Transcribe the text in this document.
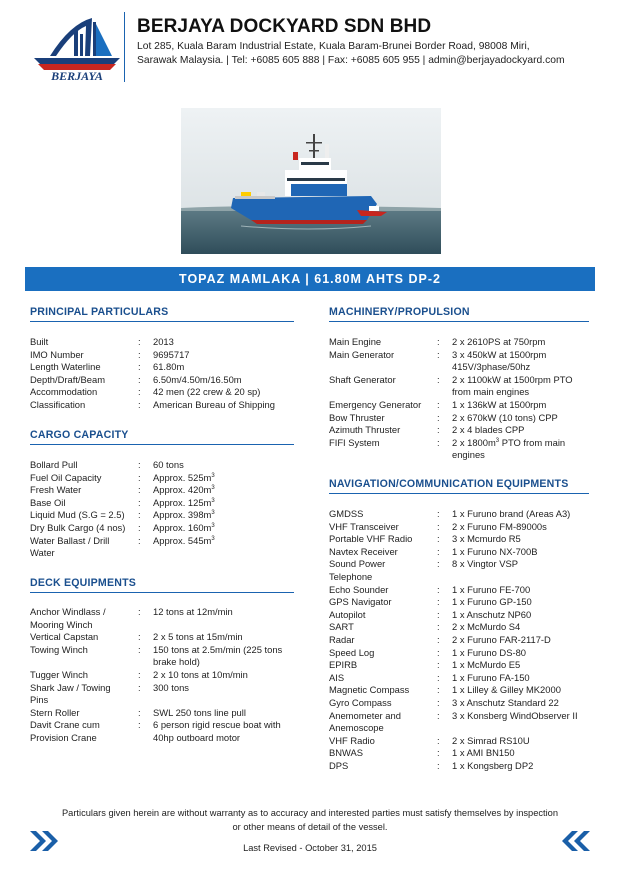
BERJAYA
BERJAYA DOCKYARD SDN BHD
Lot 285, Kuala Baram Industrial Estate, Kuala Baram-Brunei Border Road, 98008 Miri,
Sarawak Malaysia. | Tel: +6085 605 888 | Fax: +6085 605 955 | admin@berjayadockyard.com
TOPAZ MAMLAKA | 61.80M AHTS DP-2
PRINCIPAL PARTICULARS
Built	:	2013
IMO Number	:	9695717
Length Waterline	:	61.80m
Depth/Draft/Beam	:	6.50m/4.50m/16.50m
Accommodation	:	42 men (22 crew & 20 sp)
Classification	:	American Bureau of Shipping
CARGO CAPACITY
Bollard Pull	:	60 tons
Fuel Oil Capacity	:	Approx. $525m^3$
Fresh Water	:	Approx. $420m^3$
Base Oil	:	Approx. $125m^3$
Liquid Mud (S.G = 2.5)	:	Approx. $398m^3$
Dry Bulk Cargo (4 nos)	:	Approx. $160m^3$
Water Ballast / Drill
Water
:	Approx. $545m^3$
DECK EQUIPMENTS
Anchor Windlass /
Mooring Winch
:	12 tons at 12m/min
Vertical Capstan	:	2 x 5 tons at 15m/min
Towing Winch	:	150 tons at 2.5m/min (225 tons
brake hold)
Tugger Winch	:	2 x 10 tons at 10m/min
Shark Jaw / Towing
Pins
:	300 tons
Stern Roller	:	SWL 250 tons line pull
Davit Crane cum
Provision Crane
:	6 person rigid rescue boat with
40hp outboard motor
MACHINERY/PROPULSION
Main Engine	:	2 x 2610PS at 750rpm
Main Generator	:	3 x 450kW at 1500rpm
415V/3phase/50hz
Shaft Generator	:	2 x 1100kW at 1500rpm PTO
from main engines
Emergency Generator	:	1 x 136kW at 1500rpm
Bow Thruster	:	2 x 670kW (10 tons) CPP
Azimuth Thruster	:	2 x 4 blades CPP
FIFI System	:	2 x $1800m^3$ PTO from main
engines
NAVIGATION/COMMUNICATION EQUIPMENTS
GMDSS	:	1 x Furuno brand (Areas A3)
VHF Transceiver	:	2 x Furuno FM-89000s
Portable VHF Radio	:	3 x Mcmurdo R5
Navtex Receiver	:	1 x Furuno NX-700B
Sound Power
Telephone
:	8 x Vingtor VSP
Echo Sounder	:	1 x Furuno FE-700
GPS Navigator	:	1 x Furuno GP-150
Autopilot	:	1 x Anschutz NP60
SART	:	2 x McMurdo S4
Radar	:	2 x Furuno FAR-2117-D
Speed Log	:	1 x Furuno DS-80
EPIRB	:	1 x McMurdo E5
AIS	:	1 x Furuno FA-150
Magnetic Compass	:	1 x Lilley & Gilley MK2000
Gyro Compass	:	3 x Anschutz Standard 22
Anemometer and
Anemoscope
:	3 x Konsberg WindObserver II
VHF Radio	:	2 x Simrad RS10U
BNWAS	:	1 x AMI BN150
DPS	:	1 x Kongsberg DP2
Particulars given herein are without warranty as to accuracy and interested parties must satisfy themselves by inspection or other means of detail of the vessel.
Last Revised - October 31, 2015
